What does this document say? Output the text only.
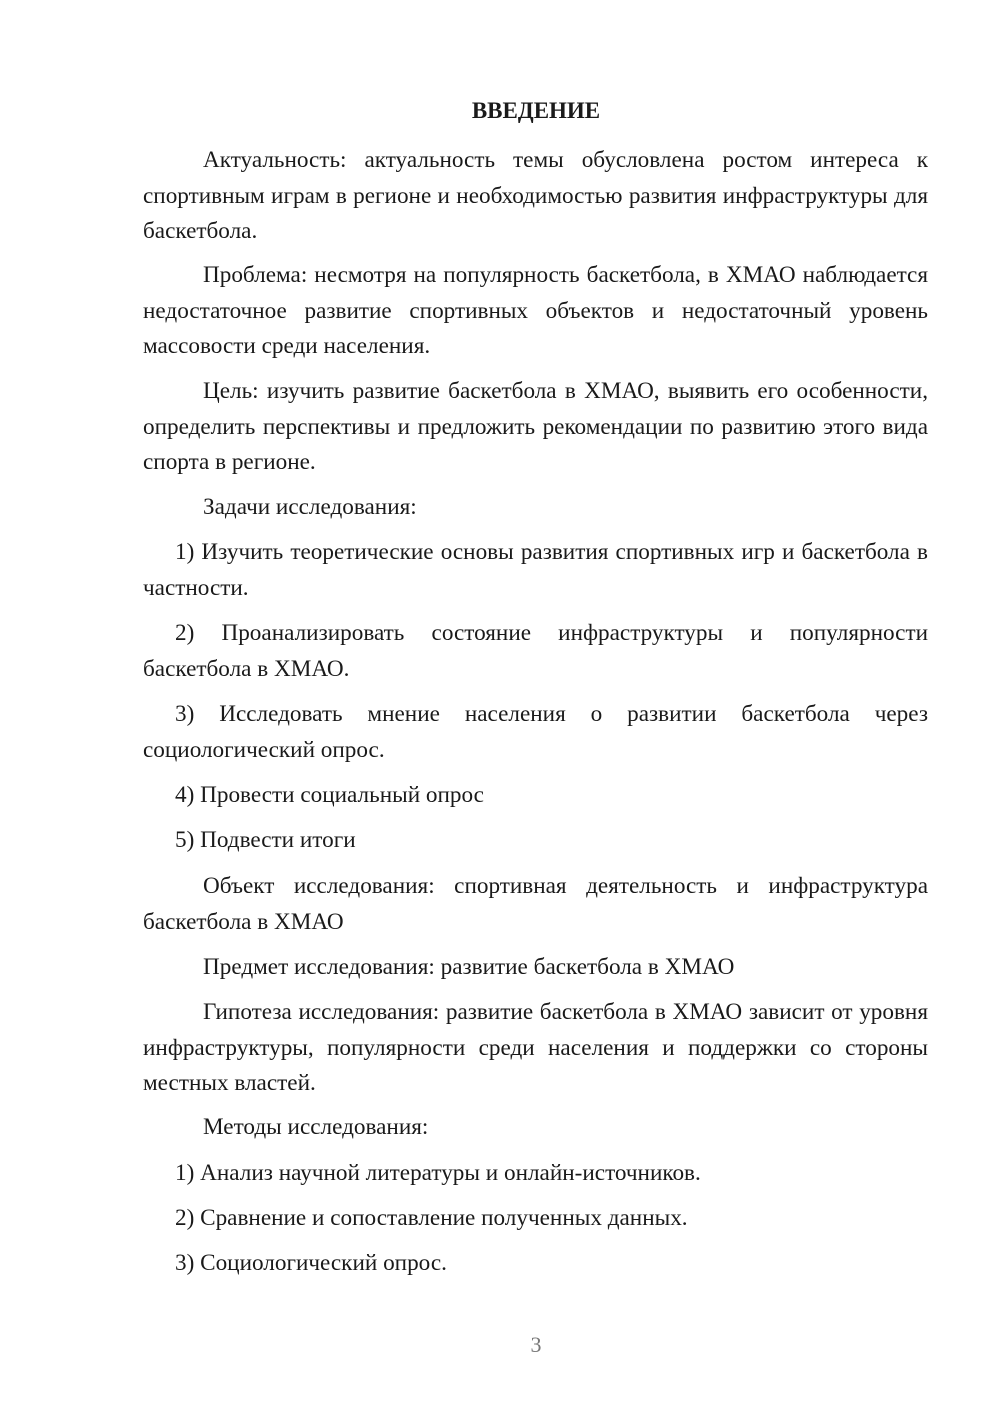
ВВЕДЕНИЕ

Актуальность: актуальность темы обусловлена ростом интереса к спортивным играм в регионе и необходимостью развития инфраструктуры для баскетбола.

Проблема: несмотря на популярность баскетбола, в ХМАО наблюдается недостаточное развитие спортивных объектов и недостаточный уровень массовости среди населения.

Цель: изучить развитие баскетбола в ХМАО, выявить его особенности, определить перспективы и предложить рекомендации по развитию этого вида спорта в регионе.

Задачи исследования:

1) Изучить теоретические основы развития спортивных игр и баскетбола в частности.

2) Проанализировать состояние инфраструктуры и популярности баскетбола в ХМАО.

3) Исследовать мнение населения о развитии баскетбола через социологический опрос.

4) Провести социальный опрос

5) Подвести итоги

Объект исследования: спортивная деятельность и инфраструктура баскетбола в ХМАО

Предмет исследования: развитие баскетбола в ХМАО

Гипотеза исследования: развитие баскетбола в ХМАО зависит от уровня инфраструктуры, популярности среди населения и поддержки со стороны местных властей.

Методы исследования:

1) Анализ научной литературы и онлайн-источников.

2) Сравнение и сопоставление полученных данных.

3) Социологический опрос.

3
